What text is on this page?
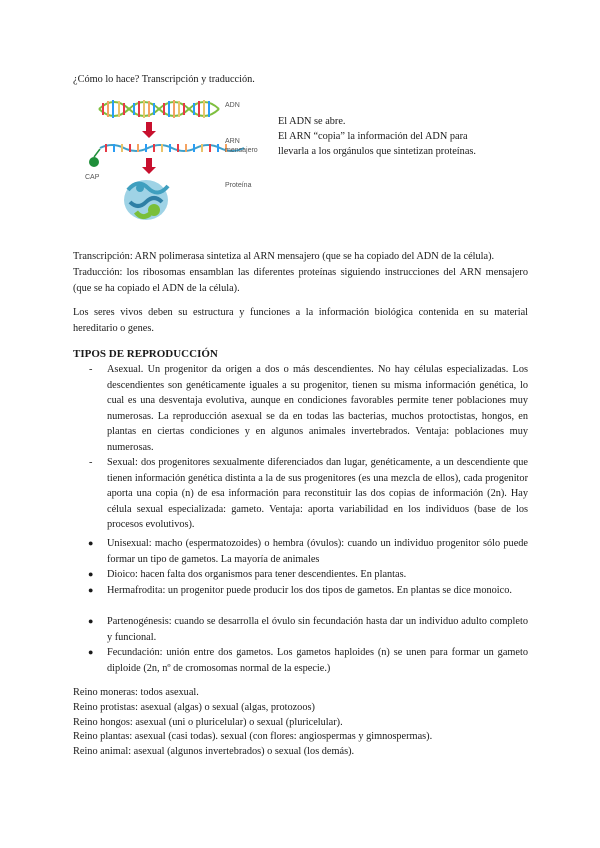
¿Cómo lo hace? Transcripción y traducción.

ADN
ARN
mensajero
CAP
Proteína
El ADN se abre.
El ARN “copia” la información del ADN para
llevarla a los orgánulos que sintetizan proteínas.

Transcripción: ARN polimerasa sintetiza al ARN mensajero (que se ha copiado del ADN de la célula).

Traducción: los ribosomas ensamblan las diferentes proteínas siguiendo instrucciones del ARN mensajero (que se ha copiado el ADN de la célula).

Los seres vivos deben su estructura y funciones a la información biológica contenida en su material hereditario o genes.

TIPOS DE REPRODUCCIÓN

- Asexual. Un progenitor da origen a dos o más descendientes. No hay células especializadas. Los descendientes son genéticamente iguales a su progenitor, tienen su misma información genética, lo cual es una desventaja evolutiva, aunque en condiciones favorables permite tener poblaciones muy numerosas. La reproducción asexual se da en todas las bacterias, muchos protoctistas, hongos, en plantas en ciertas condiciones y en algunos animales invertebrados. Ventaja: poblaciones muy numerosas.
- Sexual: dos progenitores sexualmente diferenciados dan lugar, genéticamente, a un descendiente que tienen información genética distinta a la de sus progenitores (es una mezcla de ellos), cada progenitor aporta una copia (n) de esa información para reconstituir las dos copias de información (2n). Hay célula sexual especializada: gameto. Ventaja: aporta variabilidad en los individuos (base de los procesos evolutivos).
● Unisexual: macho (espermatozoides) o hembra (óvulos): cuando un individuo progenitor sólo puede formar un tipo de gametos. La mayoría de animales
● Dioico: hacen falta dos organismos para tener descendientes. En plantas.
● Hermafrodita: un progenitor puede producir los dos tipos de gametos. En plantas se dice monoico.
● Partenogénesis: cuando se desarrolla el óvulo sin fecundación hasta dar un individuo adulto completo y funcional.
● Fecundación: unión entre dos gametos. Los gametos haploides (n) se unen para formar un gameto diploide (2n, nº de cromosomas normal de la especie.)
Reino moneras: todos asexual.
Reino protistas: asexual (algas) o sexual (algas, protozoos)
Reino hongos: asexual (uni o pluricelular) o sexual (pluricelular).
Reino plantas: asexual (casi todas). sexual (con flores: angiospermas y gimnospermas).
Reino animal: asexual (algunos invertebrados) o sexual (los demás).
